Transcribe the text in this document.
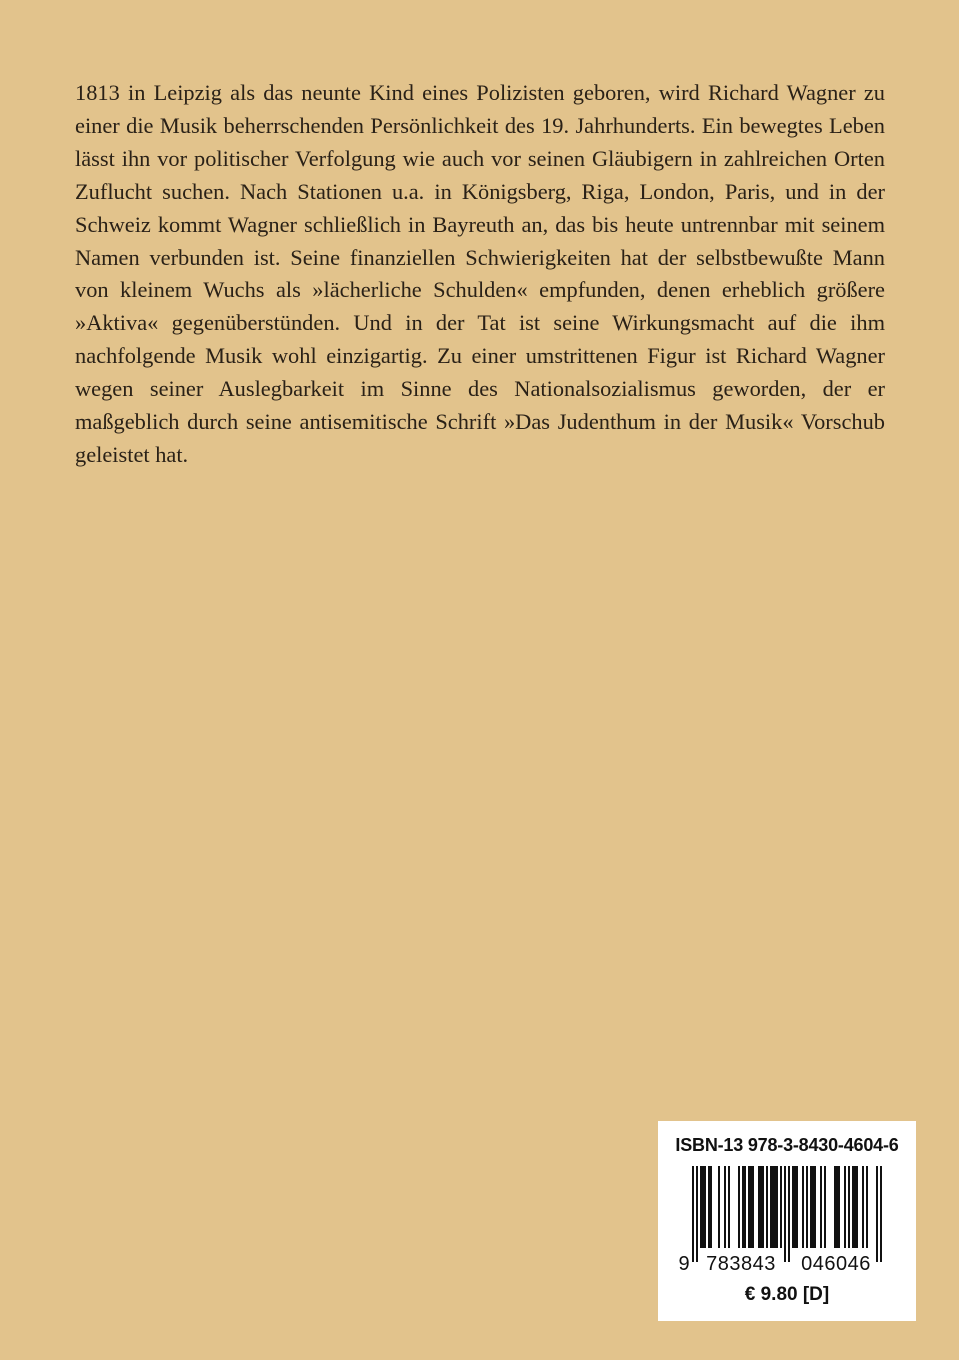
1813 in Leipzig als das neunte Kind eines Polizisten geboren, wird Richard Wagner zu einer die Musik beherrschenden Persönlichkeit des 19. Jahrhunderts. Ein bewegtes Leben lässt ihn vor politischer Verfolgung wie auch vor seinen Gläubigern in zahlreichen Orten Zuflucht suchen. Nach Stationen u.a. in Königsberg, Riga, London, Paris, und in der Schweiz kommt Wagner schließlich in Bayreuth an, das bis heute untrennbar mit seinem Namen verbunden ist. Seine finanziellen Schwierigkeiten hat der selbstbewußte Mann von kleinem Wuchs als »lächerliche Schulden« empfunden, denen erheblich größere »Aktiva« gegenüberstünden. Und in der Tat ist seine Wirkungsmacht auf die ihm nachfolgende Musik wohl einzigartig. Zu einer umstrittenen Figur ist Richard Wagner wegen seiner Auslegbarkeit im Sinne des Nationalsozialismus geworden, der er maßgeblich durch seine antisemitische Schrift »Das Judenthum in der Musik« Vorschub geleistet hat.

ISBN-13 978-3-8430-4604-6
9 783843 046046
€ 9.80 [D]
